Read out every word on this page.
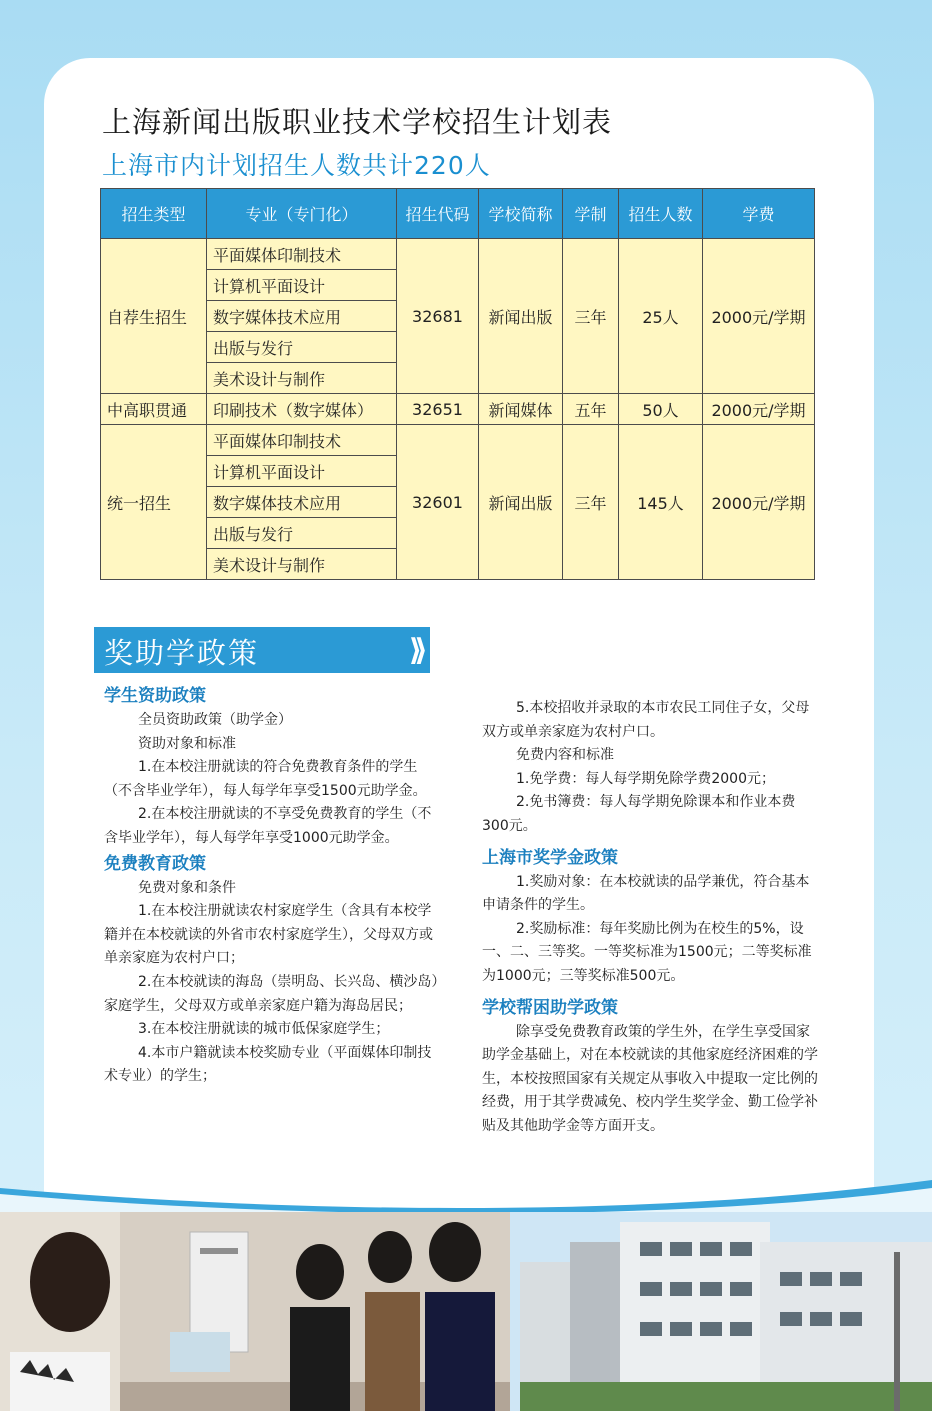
上海新闻出版职业技术学校招生计划表
上海市内计划招生人数共计220人
招生类型	专业（专门化）	招生代码	学校简称	学制	招生人数	学费
自荐生招生	平面媒体印制技术	32681	新闻出版	三年	25人	2000元/学期
	计算机平面设计					
	数字媒体技术应用					
	出版与发行					
	美术设计与制作					
中高职贯通	印刷技术（数字媒体）	32651	新闻媒体	五年	50人	2000元/学期
统一招生	平面媒体印制技术	32601	新闻出版	三年	145人	2000元/学期
	计算机平面设计					
	数字媒体技术应用					
	出版与发行					
	美术设计与制作					
奖助学政策	⟩⟩
学生资助政策
全员资助政策（助学金）
资助对象和标准
1.在本校注册就读的符合免费教育条件的学生（不含毕业学年），每人每学年享受1500元助学金。
2.在本校注册就读的不享受免费教育的学生（不含毕业学年），每人每学年享受1000元助学金。
免费教育政策
免费对象和条件
1.在本校注册就读农村家庭学生（含具有本校学籍并在本校就读的外省市农村家庭学生），父母双方或单亲家庭为农村户口；
2.在本校就读的海岛（崇明岛、长兴岛、横沙岛）家庭学生，父母双方或单亲家庭户籍为海岛居民；
3.在本校注册就读的城市低保家庭学生；
4.本市户籍就读本校奖励专业（平面媒体印制技术专业）的学生；
5.本校招收并录取的本市农民工同住子女，父母双方或单亲家庭为农村户口。
免费内容和标准
1.免学费：每人每学期免除学费2000元；
2.免书簿费：每人每学期免除课本和作业本费300元。
上海市奖学金政策
1.奖励对象：在本校就读的品学兼优，符合基本申请条件的学生。
2.奖励标准：每年奖励比例为在校生的5%，设一、二、三等奖。一等奖标准为1500元；二等奖标准为1000元；三等奖标准500元。
学校帮困助学政策
除享受免费教育政策的学生外，在学生享受国家助学金基础上，对在本校就读的其他家庭经济困难的学生，本校按照国家有关规定从事收入中提取一定比例的经费，用于其学费减免、校内学生奖学金、勤工俭学补贴及其他助学金等方面开支。
